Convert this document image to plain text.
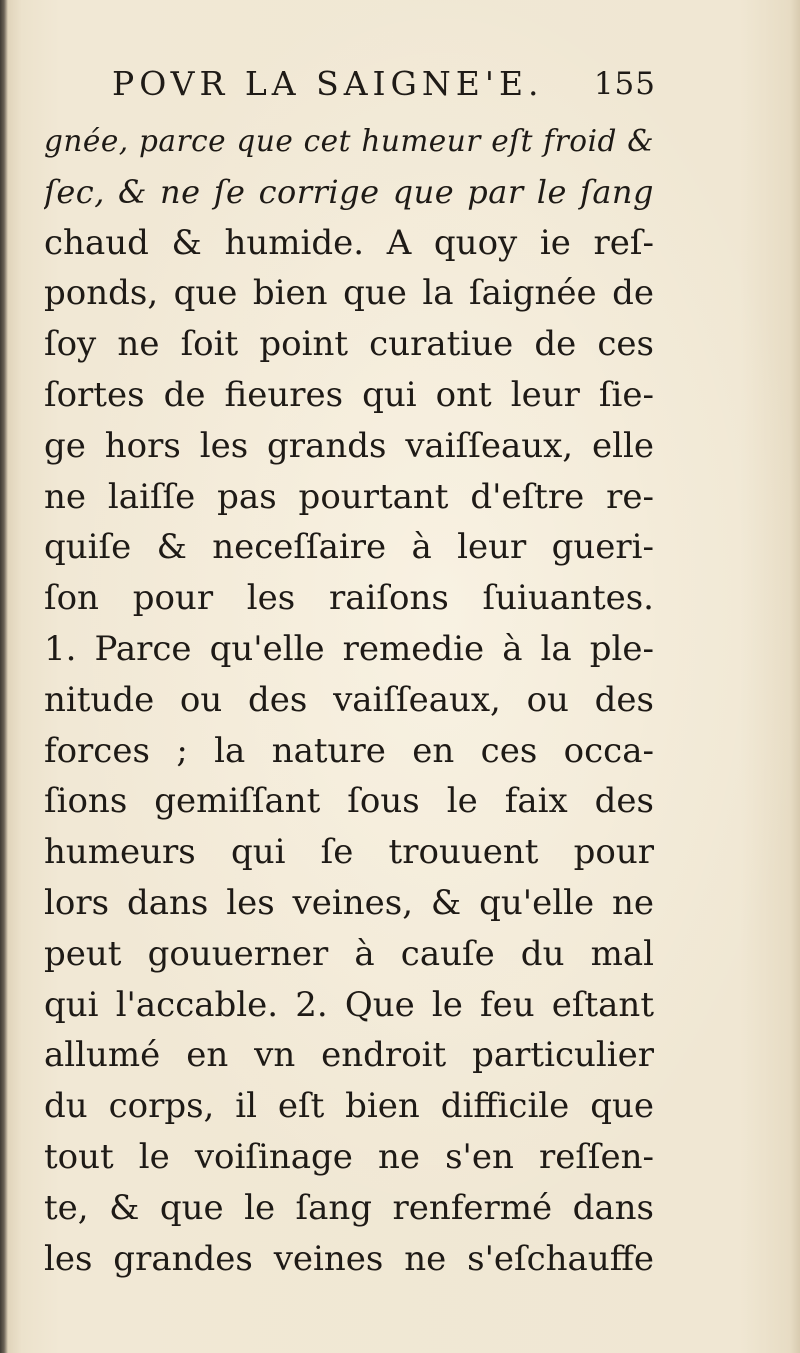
POVR LA SAIGNE'E. 155
gnée, parce que cet humeur eſt froid &
ſec, & ne ſe corrige que par le ſang
chaud & humide. A quoy ie reſ-
ponds, que bien que la ſaignée de
ſoy ne ſoit point curatiue de ces
ſortes de fieures qui ont leur ſie-
ge hors les grands vaiſſeaux, elle
ne laiſſe pas pourtant d'eſtre re-
quiſe & neceſſaire à leur gueri-
ſon pour les raiſons ſuiuantes.
1. Parce qu'elle remedie à la ple-
nitude ou des vaiſſeaux, ou des
forces ; la nature en ces occa-
ſions gemiſſant ſous le faix des
humeurs qui ſe trouuent pour
lors dans les veines, & qu'elle ne
peut gouuerner à cauſe du mal
qui l'accable. 2. Que le feu eſtant
allumé en vn endroit particulier
du corps, il eſt bien difficile que
tout le voiſinage ne s'en reſſen-
te, & que le ſang renfermé dans
les grandes veines ne s'eſchauffe
